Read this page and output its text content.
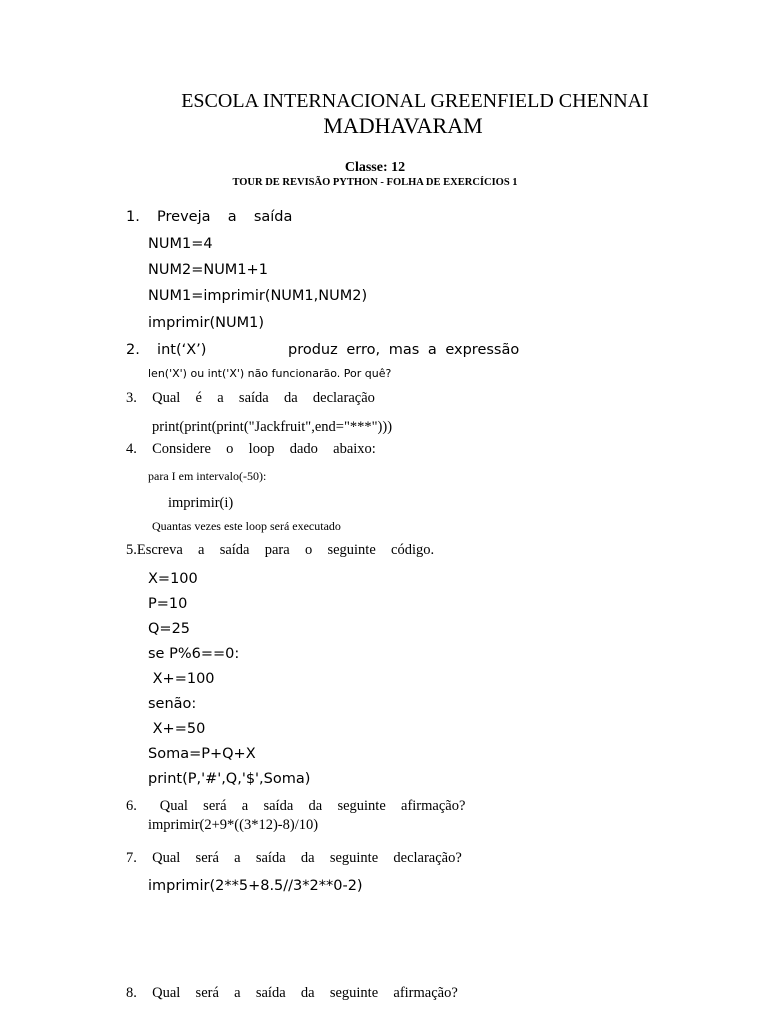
ESCOLA INTERNACIONAL GREENFIELD CHENNAI
MADHAVARAM
Classe: 12
TOUR DE REVISÃO PYTHON - FOLHA DE EXERCÍCIOS 1
1.  Preveja  a  saída
NUM1=4
NUM2=NUM1+1
NUM1=imprimir(NUM1,NUM2)
imprimir(NUM1)
2.  int(‘X’)	produz erro, mas a expressão
len('X') ou int('X') não funcionarão. Por quê?
3.  Qual  é  a  saída  da  declaração
print(print(print("Jackfruit",end="***")))
4.  Considere  o  loop  dado  abaixo:
para I em intervalo(-50):
imprimir(i)
Quantas vezes este loop será executado
5.Escreva  a  saída  para  o  seguinte  código.
X=100
P=10
Q=25
se P%6==0:
X+=100
senão:
X+=50
Soma=P+Q+X
print(P,'#',Q,'$',Soma)
6.   Qual  será  a  saída  da  seguinte  afirmação?
imprimir(2+9*((3*12)-8)/10)
7.  Qual  será  a  saída  da  seguinte  declaração?
imprimir(2**5+8.5//3*2**0-2)
8.  Qual  será  a  saída  da  seguinte  afirmação?
